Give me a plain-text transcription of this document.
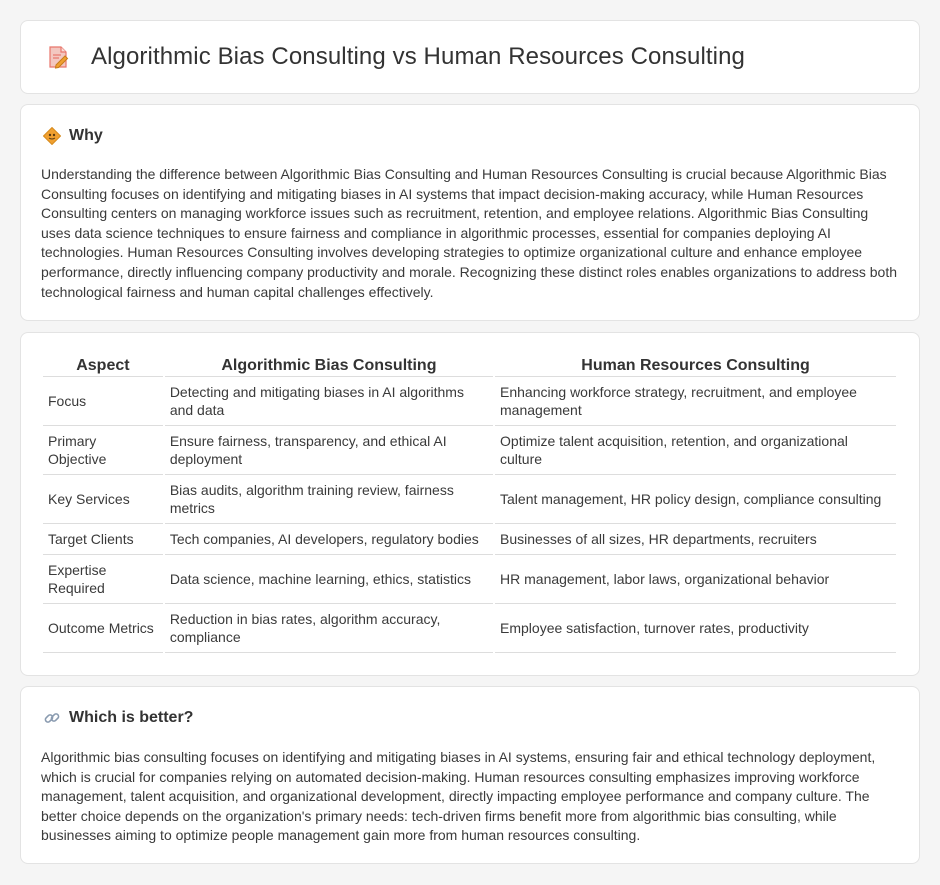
Algorithmic Bias Consulting vs Human Resources Consulting
Why

Understanding the difference between Algorithmic Bias Consulting and Human Resources Consulting is crucial because Algorithmic Bias Consulting focuses on identifying and mitigating biases in AI systems that impact decision-making accuracy, while Human Resources Consulting centers on managing workforce issues such as recruitment, retention, and employee relations. Algorithmic Bias Consulting uses data science techniques to ensure fairness and compliance in algorithmic processes, essential for companies deploying AI technologies. Human Resources Consulting involves developing strategies to optimize organizational culture and enhance employee performance, directly influencing company productivity and morale. Recognizing these distinct roles enables organizations to address both technological fairness and human capital challenges effectively.

Aspect	Algorithmic Bias Consulting	Human Resources Consulting
Focus	Detecting and mitigating biases in AI algorithms and data	Enhancing workforce strategy, recruitment, and employee management
Primary Objective	Ensure fairness, transparency, and ethical AI deployment	Optimize talent acquisition, retention, and organizational culture
Key Services	Bias audits, algorithm training review, fairness metrics	Talent management, HR policy design, compliance consulting
Target Clients	Tech companies, AI developers, regulatory bodies	Businesses of all sizes, HR departments, recruiters
Expertise Required	Data science, machine learning, ethics, statistics	HR management, labor laws, organizational behavior
Outcome Metrics	Reduction in bias rates, algorithm accuracy, compliance	Employee satisfaction, turnover rates, productivity
Which is better?

Algorithmic bias consulting focuses on identifying and mitigating biases in AI systems, ensuring fair and ethical technology deployment, which is crucial for companies relying on automated decision-making. Human resources consulting emphasizes improving workforce management, talent acquisition, and organizational development, directly impacting employee performance and company culture. The better choice depends on the organization's primary needs: tech-driven firms benefit more from algorithmic bias consulting, while businesses aiming to optimize people management gain more from human resources consulting.
